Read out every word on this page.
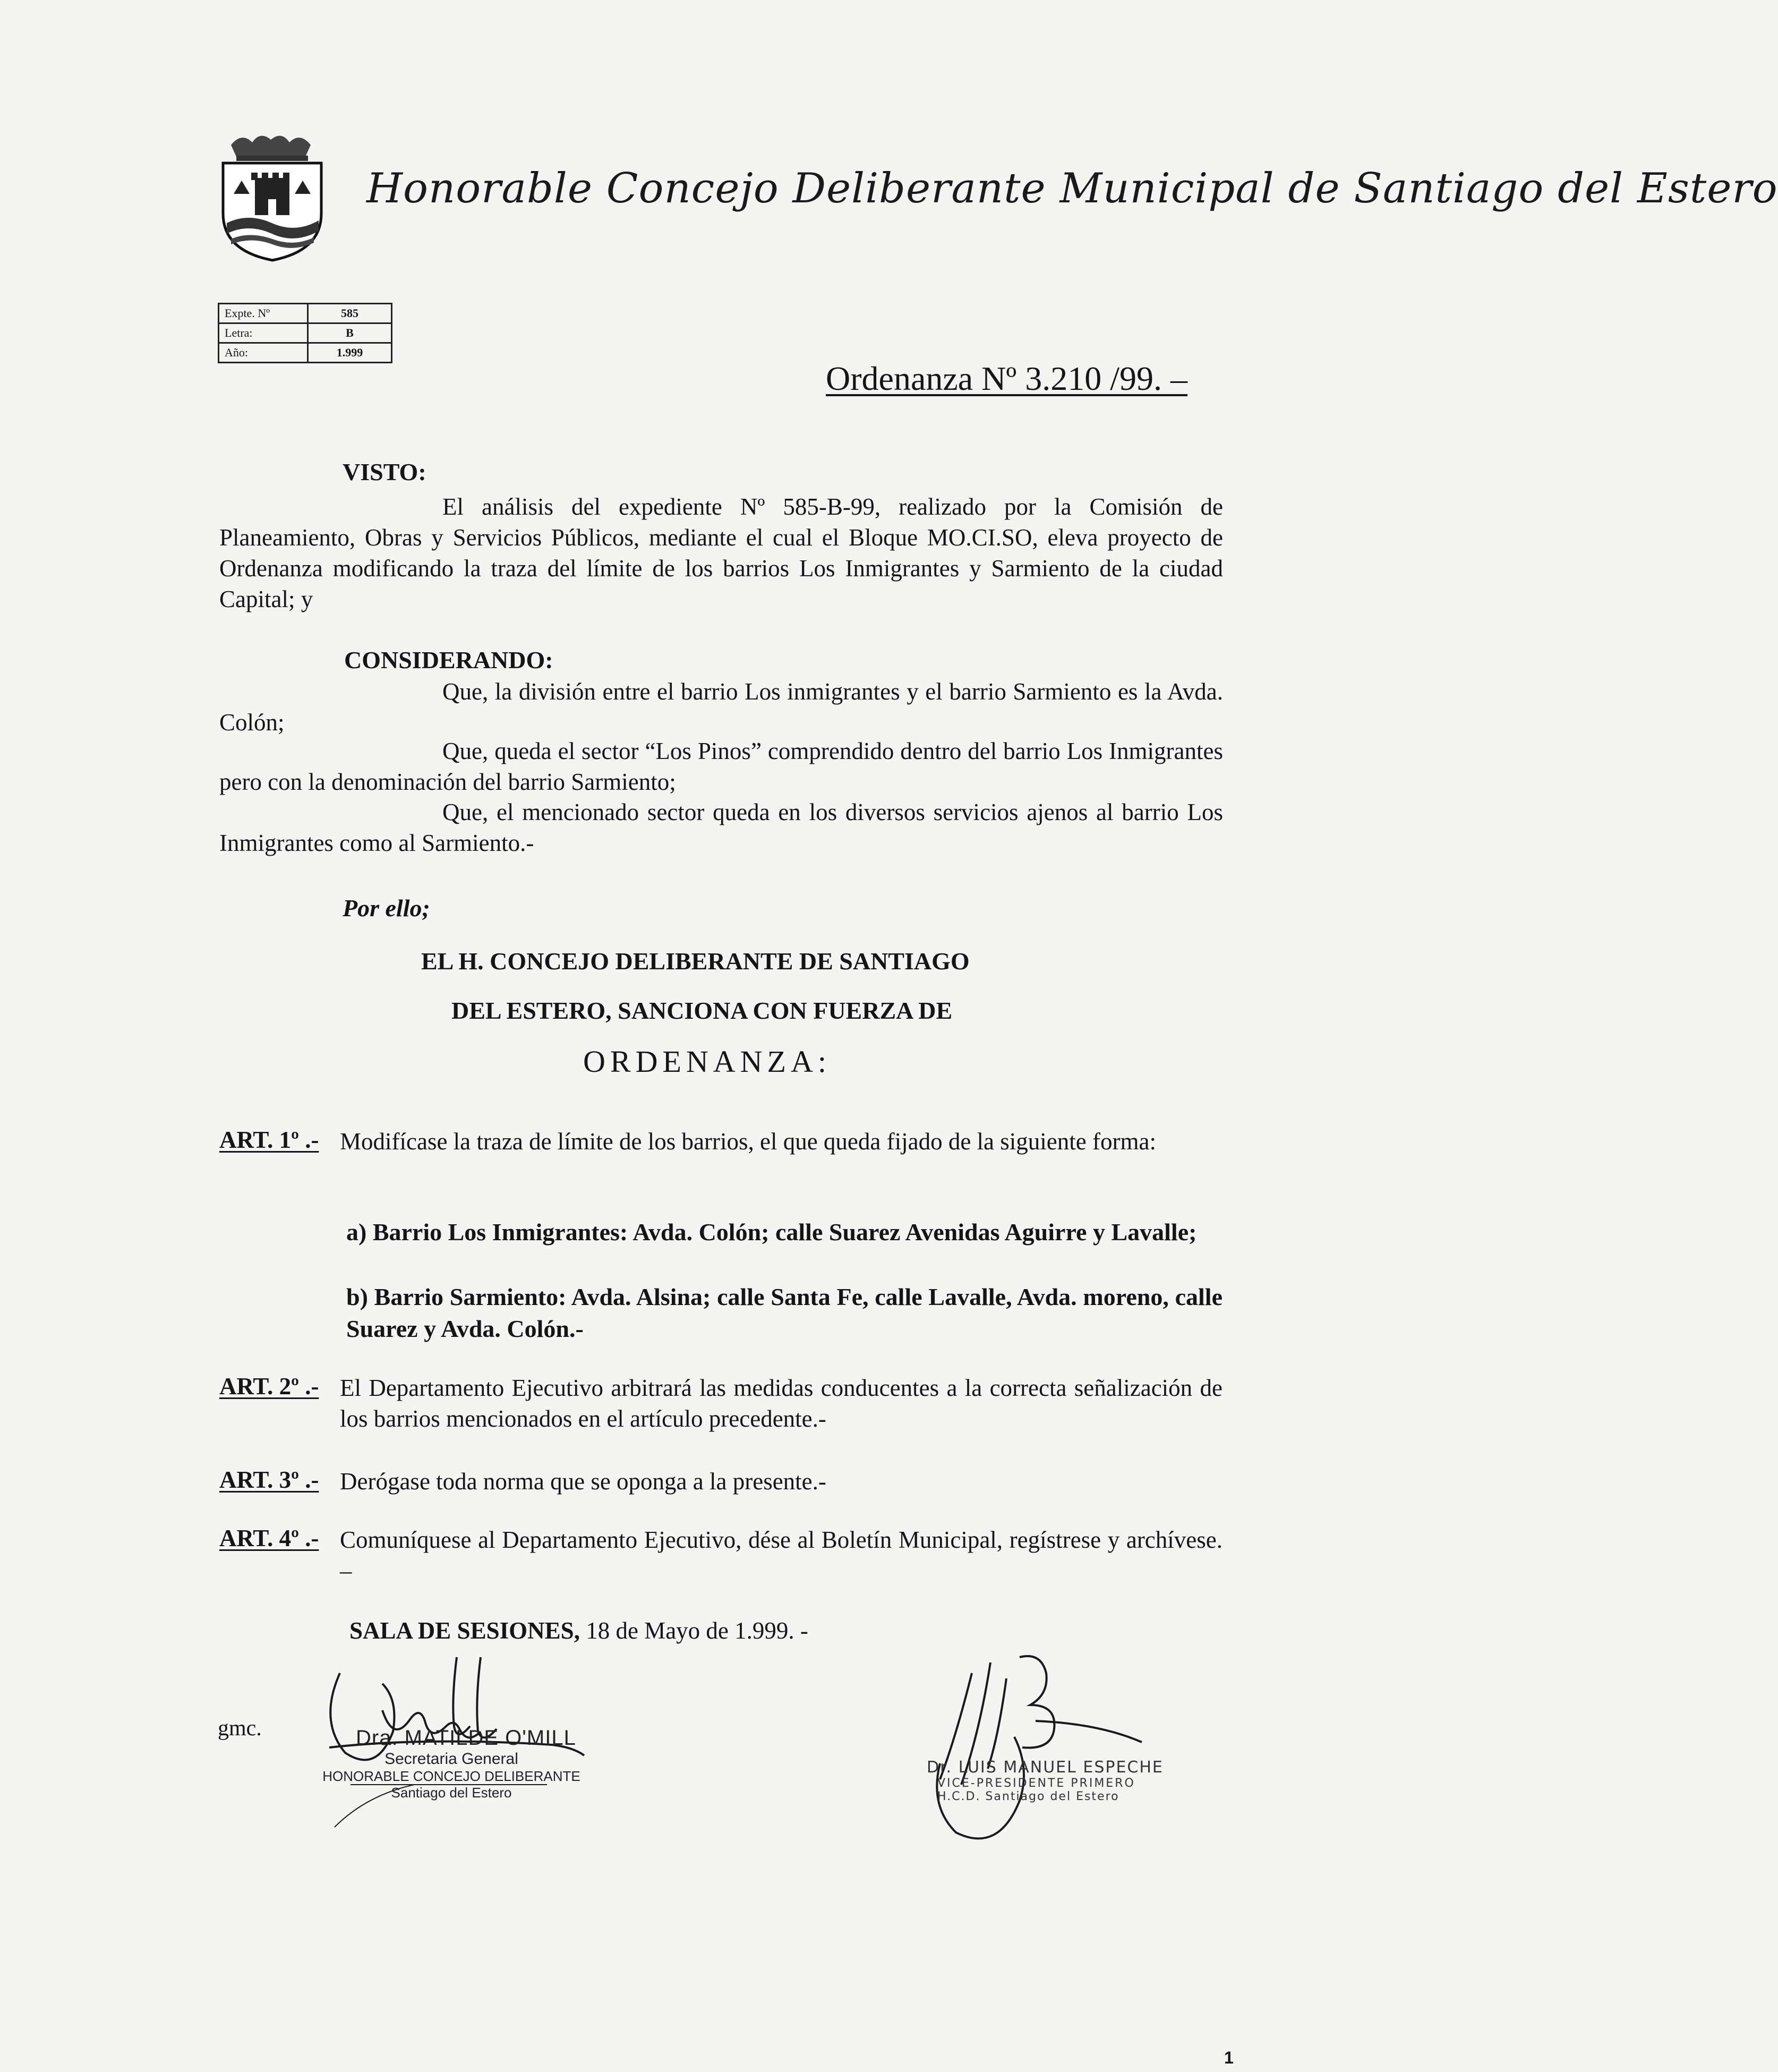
Honorable Concejo Deliberante Municipal de Santiago del Estero
Expte. Nº	585
Letra:	B
Año:	1.999
Ordenanza Nº 3.210 /99. –
VISTO:
El análisis del expediente Nº 585-B-99, realizado por la Comisión de Planeamiento, Obras y Servicios Públicos, mediante el cual el Bloque MO.CI.SO, eleva proyecto de Ordenanza modificando la traza del límite de los barrios Los Inmigrantes y Sarmiento de la ciudad Capital; y
CONSIDERANDO:
Que, la división entre el barrio Los inmigrantes y el barrio Sarmiento es la Avda. Colón;
Que, queda el sector “Los Pinos” comprendido dentro del barrio Los Inmigrantes pero con la denominación del barrio Sarmiento;
Que, el mencionado sector queda en los diversos servicios ajenos al barrio Los Inmigrantes como al Sarmiento.-
Por ello;
EL H. CONCEJO DELIBERANTE DE SANTIAGO
DEL ESTERO, SANCIONA CON FUERZA DE
ORDENANZA:
ART. 1º .- Modifícase la traza de límite de los barrios, el que queda fijado de la siguiente forma:
a) Barrio Los Inmigrantes: Avda. Colón; calle Suarez Avenidas Aguirre y Lavalle;
b) Barrio Sarmiento: Avda. Alsina; calle Santa Fe, calle Lavalle, Avda. moreno, calle Suarez y Avda. Colón.-
ART. 2º .- El Departamento Ejecutivo arbitrará las medidas conducentes a la correcta señalización de los barrios mencionados en el artículo precedente.-
ART. 3º .- Derógase toda norma que se oponga a la presente.-
ART. 4º .- Comuníquese al Departamento Ejecutivo, dése al Boletín Municipal, regístrese y archívese. –
SALA DE SESIONES, 18 de Mayo de 1.999. -
gmc.	Dra. MATILDE O'MILL
Secretaria General
HONORABLE CONCEJO DELIBERANTE
Santiago del Estero
Dr. LUIS MANUEL ESPECHE
VICE-PRESIDENTE PRIMERO
H.C.D. Santiago del Estero
1
